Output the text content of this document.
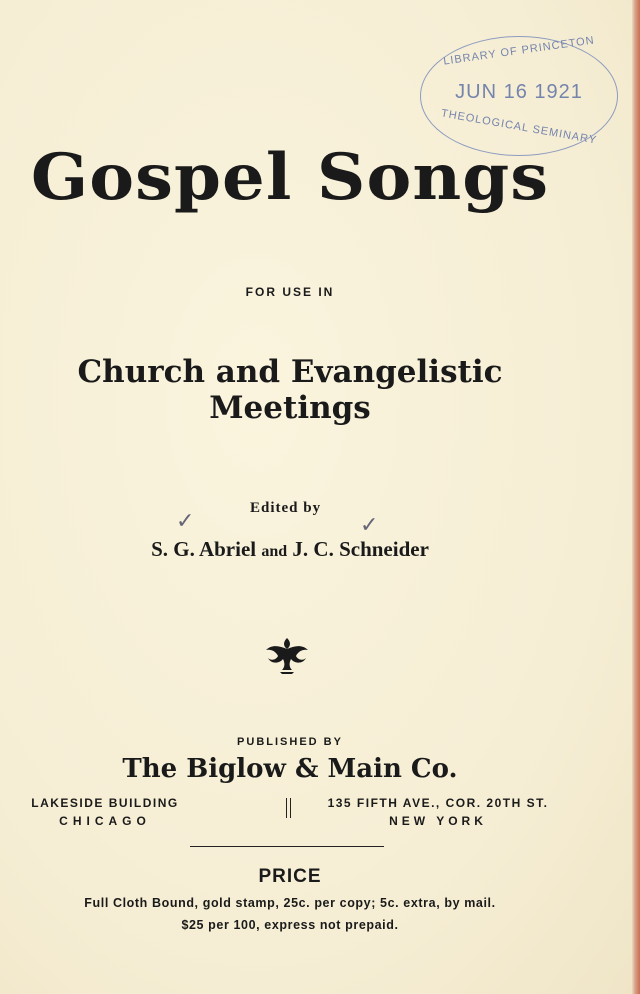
LIBRARY OF PRINCETON
JUN 16 1921
THEOLOGICAL SEMINARY
Gospel Songs
FOR USE IN
Church and Evangelistic Meetings
Edited by
✓	✓
S. G. Abriel and J. C. Schneider
PUBLISHED BY
The Biglow & Main Co.
LAKESIDE BUILDING
CHICAGO
135 FIFTH AVE., COR. 20TH ST.
NEW YORK
PRICE
Full Cloth Bound, gold stamp, 25c. per copy; 5c. extra, by mail.
$25 per 100, express not prepaid.
